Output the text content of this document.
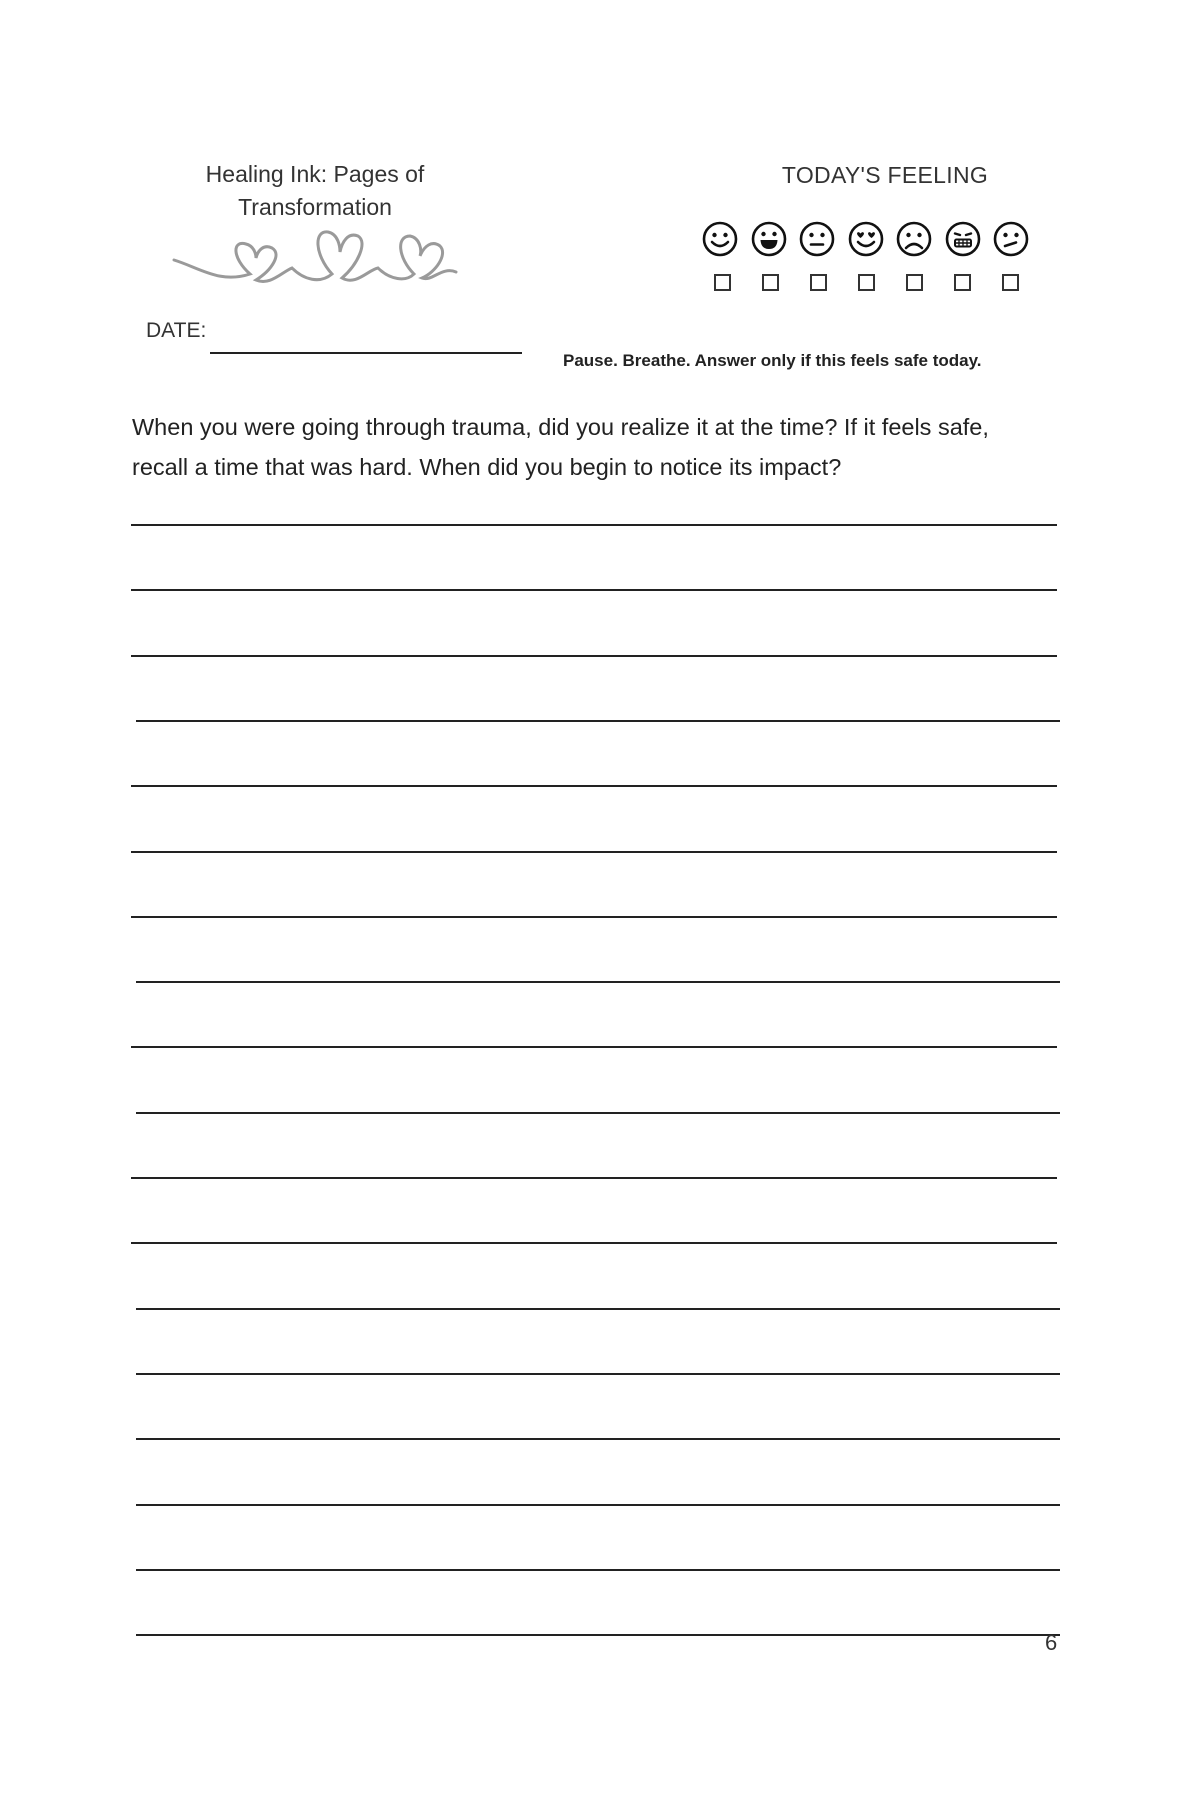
Healing Ink: Pages of
Transformation
DATE:
TODAY'S FEELING
Pause. Breathe. Answer only if this feels safe today.
When you were going through trauma, did you realize it at the time? If it feels safe, recall a time that was hard. When did you begin to notice its impact?
6
